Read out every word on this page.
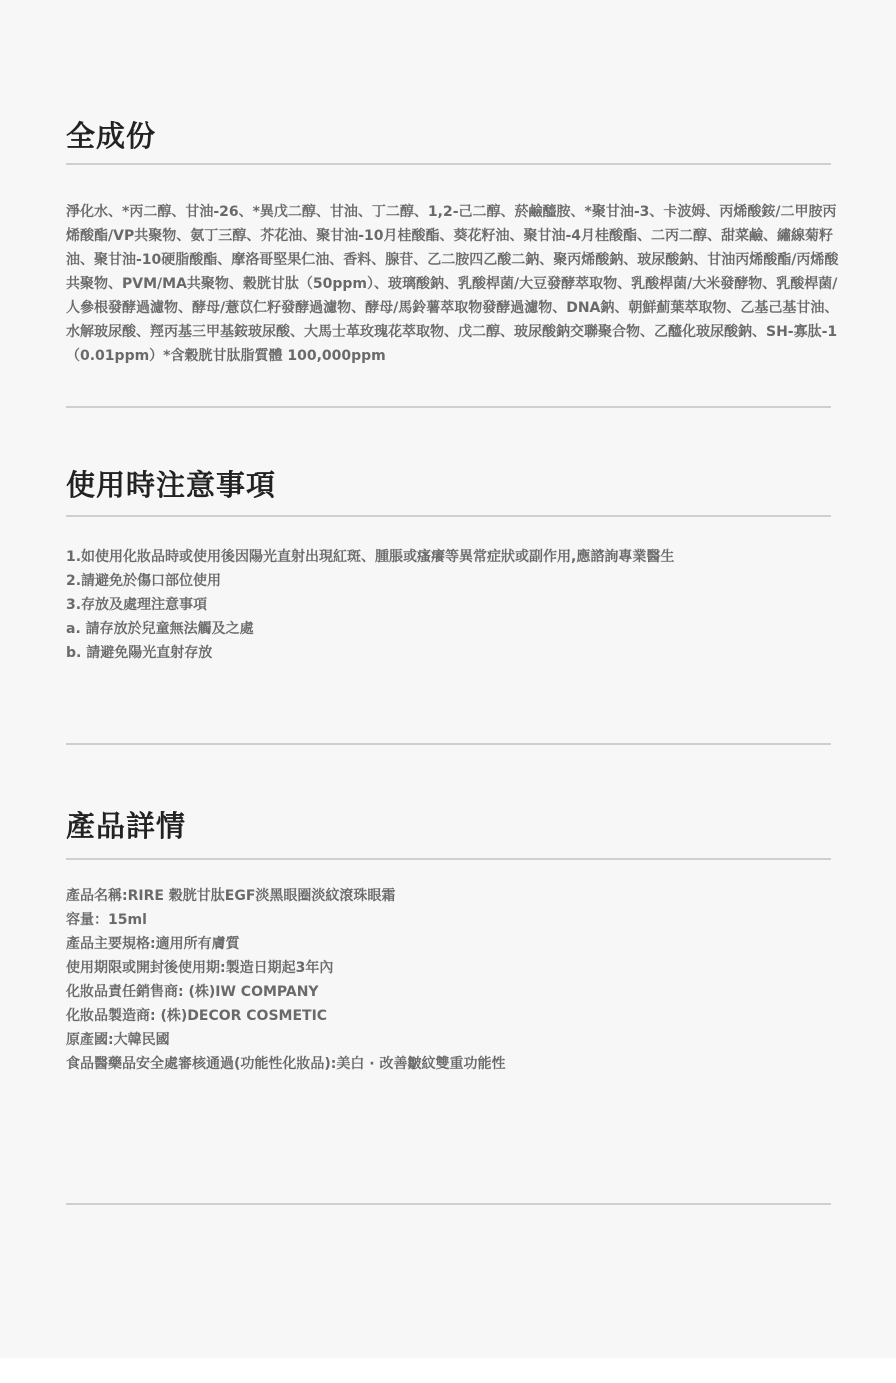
全成份
淨化水、*丙二醇、甘油-26、*異戊二醇、甘油、丁二醇、1,2-己二醇、菸鹼醯胺、*聚甘油-3、卡波姆、丙烯酸銨/二甲胺丙烯酸酯/VP共聚物、氨丁三醇、芥花油、聚甘油-10月桂酸酯、葵花籽油、聚甘油-4月桂酸酯、二丙二醇、甜菜鹼、繡線菊籽油、聚甘油-10硬脂酸酯、摩洛哥堅果仁油、香料、腺苷、乙二胺四乙酸二鈉、聚丙烯酸鈉、玻尿酸鈉、甘油丙烯酸酯/丙烯酸共聚物、PVM/MA共聚物、穀胱甘肽（50ppm）、玻璃酸鈉、乳酸桿菌/大豆發酵萃取物、乳酸桿菌/大米發酵物、乳酸桿菌/人參根發酵過濾物、酵母/薏苡仁籽發酵過濾物、酵母/馬鈴薯萃取物發酵過濾物、DNA鈉、朝鮮薊葉萃取物、乙基己基甘油、水解玻尿酸、羥丙基三甲基銨玻尿酸、大馬士革玫瑰花萃取物、戊二醇、玻尿酸鈉交聯聚合物、乙醯化玻尿酸鈉、SH-寡肽-1（0.01ppm）*含穀胱甘肽脂質體 100,000ppm
使用時注意事項
1.如使用化妝品時或使用後因陽光直射出現紅斑、腫脹或瘙癢等異常症狀或副作用,應諮詢專業醫生
2.請避免於傷口部位使用
3.存放及處理注意事項
a. 請存放於兒童無法觸及之處
b. 請避免陽光直射存放
產品詳情
產品名稱:RIRE 穀胱甘肽EGF淡黑眼圈淡紋滾珠眼霜
容量：15ml
產品主要規格:適用所有膚質
使用期限或開封後使用期:製造日期起3年內
化妝品責任銷售商: (株)IW COMPANY
化妝品製造商: (株)DECOR COSMETIC
原產國:大韓民國
食品醫藥品安全處審核通過(功能性化妝品):美白 · 改善皺紋雙重功能性
